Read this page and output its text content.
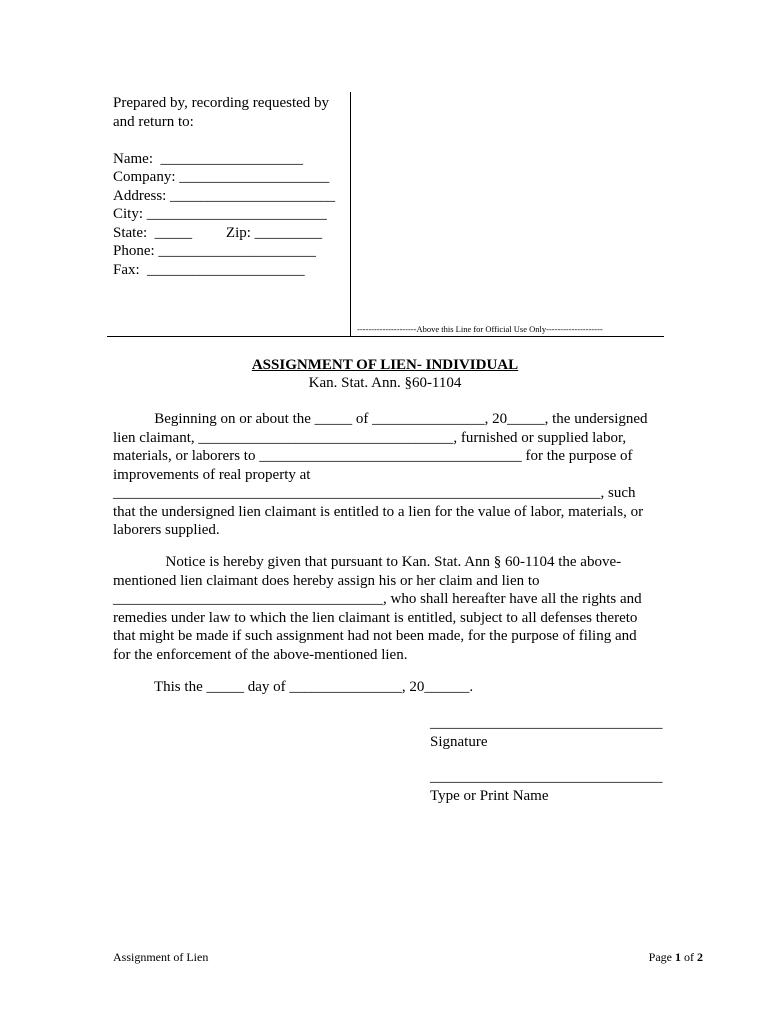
Prepared by, recording requested by
and return to:

Name:  ___________________
Company: ____________________
Address: ______________________
City: ________________________
State:  _____         Zip: _________
Phone: _____________________
Fax:  _____________________
---------------------Above this Line for Official Use Only--------------------
ASSIGNMENT OF LIEN- INDIVIDUAL
Kan. Stat. Ann. §60-1104
Beginning on or about the _____ of _______________, 20_____, the undersigned
lien claimant, __________________________________, furnished or supplied labor,
materials, or laborers to ___________________________________ for the purpose of
improvements of real property at
_________________________________________________________________, such
that the undersigned lien claimant is entitled to a lien for the value of labor, materials, or
laborers supplied.
Notice is hereby given that pursuant to Kan. Stat. Ann § 60-1104 the above-
mentioned lien claimant does hereby assign his or her claim and lien to
____________________________________, who shall hereafter have all the rights and
remedies under law to which the lien claimant is entitled, subject to all defenses thereto
that might be made if such assignment had not been made, for the purpose of filing and
for the enforcement of the above-mentioned lien.
This the _____ day of _______________, 20______.
_______________________________
Signature
_______________________________
Type or Print Name
Assignment of Lien	Page 1 of 2
